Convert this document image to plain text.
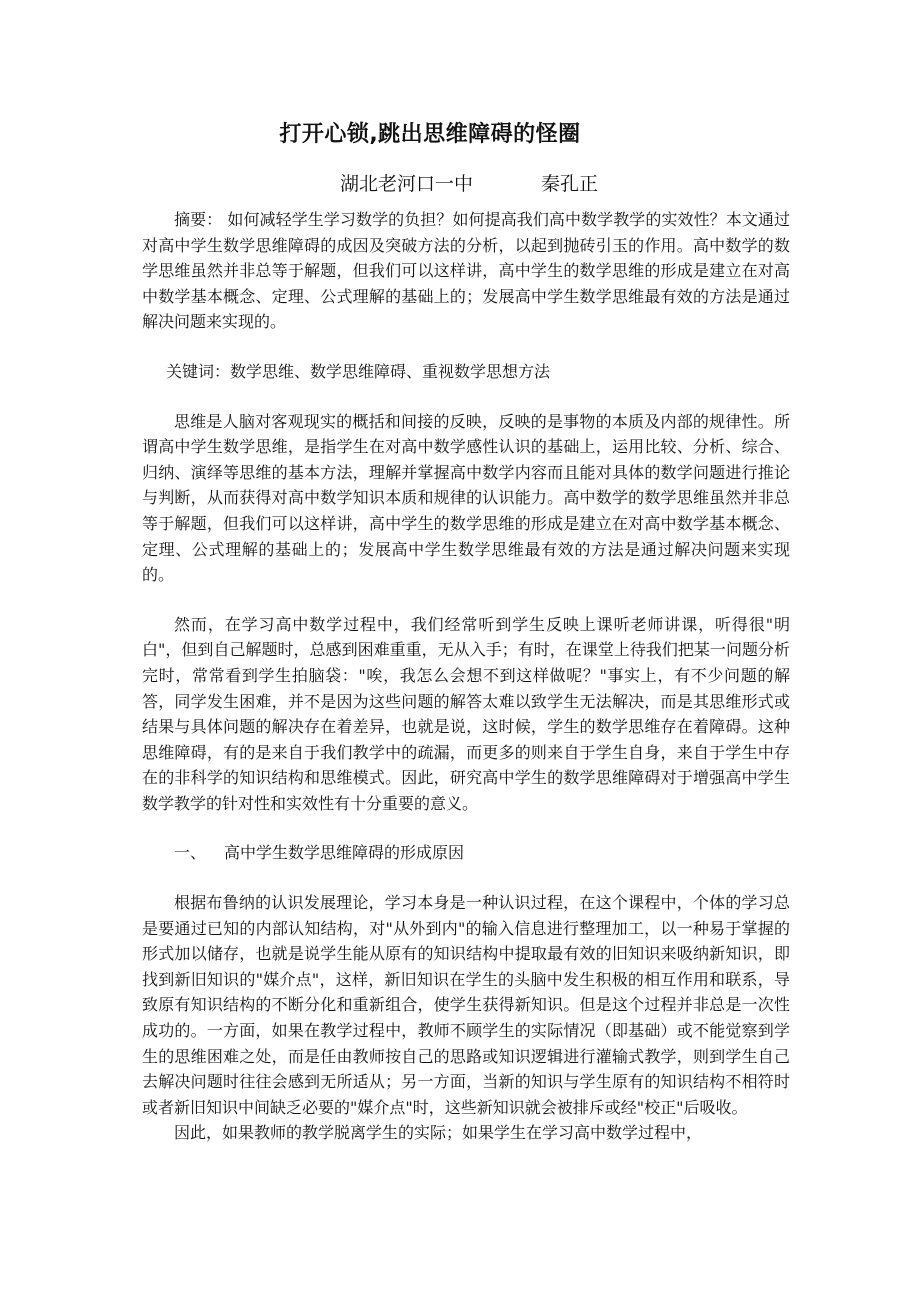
打开心锁,跳出思维障碍的怪圈
湖北老河口一中	秦孔正

摘要： 如何减轻学生学习数学的负担？如何提高我们高中数学教学的实效性？本文通过对高中学生数学思维障碍的成因及突破方法的分析，以起到抛砖引玉的作用。高中数学的数学思维虽然并非总等于解题，但我们可以这样讲，高中学生的数学思维的形成是建立在对高中数学基本概念、定理、公式理解的基础上的；发展高中学生数学思维最有效的方法是通过解决问题来实现的。

关键词：数学思维、数学思维障碍、重视数学思想方法

思维是人脑对客观现实的概括和间接的反映，反映的是事物的本质及内部的规律性。所谓高中学生数学思维，是指学生在对高中数学感性认识的基础上，运用比较、分析、综合、归纳、演绎等思维的基本方法，理解并掌握高中数学内容而且能对具体的数学问题进行推论与判断，从而获得对高中数学知识本质和规律的认识能力。高中数学的数学思维虽然并非总等于解题，但我们可以这样讲，高中学生的数学思维的形成是建立在对高中数学基本概念、定理、公式理解的基础上的；发展高中学生数学思维最有效的方法是通过解决问题来实现的。

然而，在学习高中数学过程中，我们经常听到学生反映上课听老师讲课，听得很"明白"，但到自己解题时，总感到困难重重，无从入手；有时，在课堂上待我们把某一问题分析完时，常常看到学生拍脑袋："唉，我怎么会想不到这样做呢？"事实上，有不少问题的解答，同学发生困难，并不是因为这些问题的解答太难以致学生无法解决，而是其思维形式或结果与具体问题的解决存在着差异，也就是说，这时候，学生的数学思维存在着障碍。这种思维障碍，有的是来自于我们教学中的疏漏，而更多的则来自于学生自身，来自于学生中存在的非科学的知识结构和思维模式。因此，研究高中学生的数学思维障碍对于增强高中学生数学教学的针对性和实效性有十分重要的意义。

一、 高中学生数学思维障碍的形成原因

根据布鲁纳的认识发展理论，学习本身是一种认识过程，在这个课程中，个体的学习总是要通过已知的内部认知结构，对"从外到内"的输入信息进行整理加工，以一种易于掌握的形式加以储存，也就是说学生能从原有的知识结构中提取最有效的旧知识来吸纳新知识，即找到新旧知识的"媒介点"，这样，新旧知识在学生的头脑中发生积极的相互作用和联系，导致原有知识结构的不断分化和重新组合，使学生获得新知识。但是这个过程并非总是一次性成功的。一方面，如果在教学过程中，教师不顾学生的实际情况（即基础）或不能觉察到学生的思维困难之处，而是任由教师按自己的思路或知识逻辑进行灌输式教学，则到学生自己去解决问题时往往会感到无所适从；另一方面，当新的知识与学生原有的知识结构不相符时或者新旧知识中间缺乏必要的"媒介点"时，这些新知识就会被排斥或经"校正"后吸收。

因此，如果教师的教学脱离学生的实际；如果学生在学习高中数学过程中，
